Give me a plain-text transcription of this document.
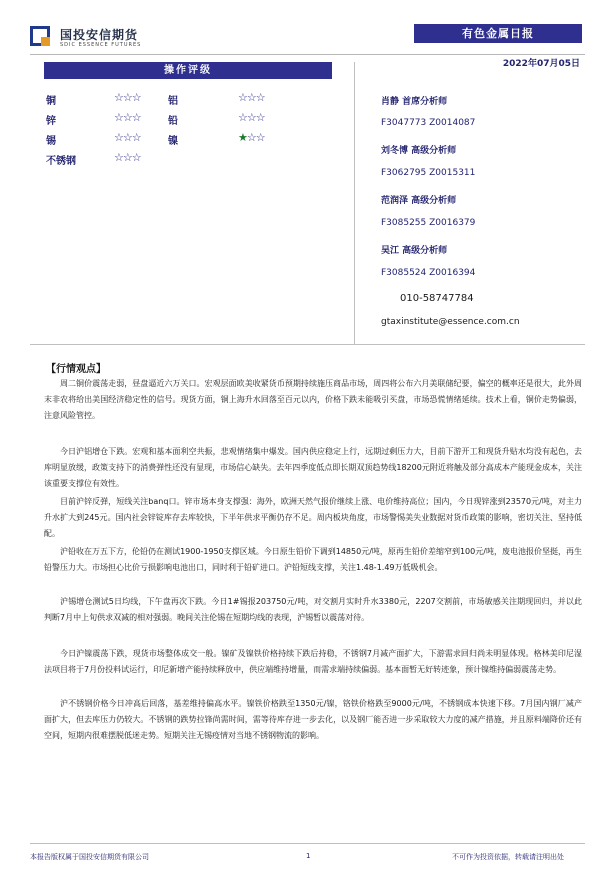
国投安信期货
SDIC ESSENCE FUTURES
有色金属日报
2022年07月05日
操作评级
铜	☆☆☆	铝	☆☆☆
锌	☆☆☆	铅	☆☆☆
锡	☆☆☆	镍	★☆☆
不锈钢	☆☆☆
肖静 首席分析师
F3047773 Z0014087
刘冬博 高级分析师
F3062795 Z0015311
范润泽 高级分析师
F3085255 Z0016379
吴江 高级分析师
F3085524 Z0016394
010-58747784
gtaxinstitute@essence.com.cn
【行情观点】

周二铜价震荡走弱，昼盘逼近六万关口。宏观层面欧美收紧货币预期持续施压商品市场，周四将公布六月美联储纪要，偏空的概率还是很大，此外周末非农将给出美国经济稳定性的信号。现货方面，铜上海升水回落至百元以内，价格下跌未能吸引买盘，市场恐慌情绪延续。技术上看，铜价走势偏弱，注意风险管控。

今日沪铝增仓下跌。宏观和基本面利空共振，悲观情绪集中爆发。国内供应稳定上行，远期过剩压力大，目前下游开工和现货升贴水均没有起色，去库明显放缓，政策支持下的消费弹性还没有显现，市场信心缺失。去年四季度低点即长期双顶趋势线18200元附近将触及部分高成本产能现金成本，关注该重要支撑位有效性。

目前沪锌反弹，短线关注banq口。锌市场本身支撑强：海外，欧洲天然气报价继续上涨、电价维持高位；国内，今日现锌涨到23570元/吨，对主力升水扩大到245元。国内社会锌锭库存去库较快，下半年供求平衡仍存不足。周内板块角度，市场警惕美失业数据对货币政策的影响，密切关注、坚持低配。

沪铅收在万五下方，伦铅仍在测试1900-1950支撑区域。今日原生铅价下调到14850元/吨，原再生铅价差缩窄到100元/吨，废电池报价坚挺，再生铅警压力大。市场担心比价亏损影响电池出口，同时利于铅矿进口。沪铅短线支撑，关注1.48-1.49万低吸机会。

沪锡增仓测试5日均线，下午盘再次下跌。今日1#锡报203750元/吨，对交割月实时升水3380元，2207交割前，市场敏感关注期现回归，并以此判断7月中上旬供求双减的相对强弱。晚间关注伦锡在短期均线的表现，沪锡暂以震荡对待。

今日沪镍震荡下跌，现货市场整体成交一般。镍矿及镍铁价格持续下跌后持稳，不锈钢7月减产面扩大，下游需求回归尚未明显体现。格林美印尼湿法项目将于7月份投料试运行，印尼新增产能持续释放中，供应端维持增量，而需求端持续偏弱。基本面暂无好转迹象，预计镍维持偏弱震荡走势。

沪不锈钢价格今日冲高后回落，基差维持偏高水平。镍铁价格跌至1350元/镍，铬铁价格跌至9000元/吨，不锈钢成本快速下移。7月国内钢厂减产面扩大，但去库压力仍较大。不锈钢的跌势拉锋尚需时间，需等待库存进一步去化，以及钢厂能否进一步采取较大力度的减产措施，并且原料端降价还有空间，短期内很难摆脱低迷走势。短期关注无锡疫情对当地不锈钢物流的影响。

本报告版权属于国投安信期货有限公司	1	不可作为投资依据，转载请注明出处
